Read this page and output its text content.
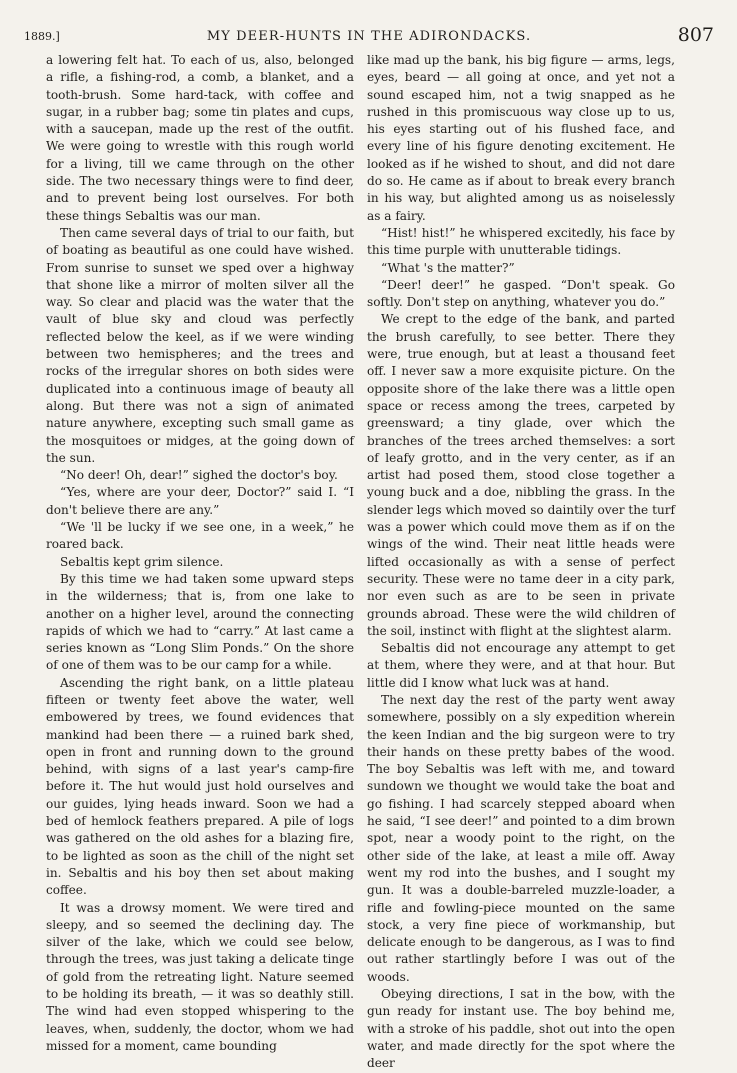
1889.]	MY DEER-HUNTS IN THE ADIRONDACKS.	807

a lowering felt hat. To each of us, also, belonged a rifle, a fishing-rod, a comb, a blanket, and a tooth-brush. Some hard-tack, with coffee and sugar, in a rubber bag; some tin plates and cups, with a saucepan, made up the rest of the outfit. We were going to wrestle with this rough world for a living, till we came through on the other side. The two necessary things were to find deer, and to prevent being lost ourselves. For both these things Sebaltis was our man.

Then came several days of trial to our faith, but of boating as beautiful as one could have wished. From sunrise to sunset we sped over a highway that shone like a mirror of molten silver all the way. So clear and placid was the water that the vault of blue sky and cloud was perfectly reflected below the keel, as if we were winding between two hemispheres; and the trees and rocks of the irregular shores on both sides were duplicated into a continuous image of beauty all along. But there was not a sign of animated nature anywhere, excepting such small game as the mosquitoes or midges, at the going down of the sun.

“No deer! Oh, dear!” sighed the doctor's boy.

“Yes, where are your deer, Doctor?” said I. “I don't believe there are any.”

“We 'll be lucky if we see one, in a week,” he roared back.

Sebaltis kept grim silence.

By this time we had taken some upward steps in the wilderness; that is, from one lake to another on a higher level, around the connecting rapids of which we had to “carry.” At last came a series known as “Long Slim Ponds.” On the shore of one of them was to be our camp for a while.

Ascending the right bank, on a little plateau fifteen or twenty feet above the water, well embowered by trees, we found evidences that mankind had been there — a ruined bark shed, open in front and running down to the ground behind, with signs of a last year's camp-fire before it. The hut would just hold ourselves and our guides, lying heads inward. Soon we had a bed of hemlock feathers prepared. A pile of logs was gathered on the old ashes for a blazing fire, to be lighted as soon as the chill of the night set in. Sebaltis and his boy then set about making coffee.

It was a drowsy moment. We were tired and sleepy, and so seemed the declining day. The silver of the lake, which we could see below, through the trees, was just taking a delicate tinge of gold from the retreating light. Nature seemed to be holding its breath, — it was so deathly still. The wind had even stopped whispering to the leaves, when, suddenly, the doctor, whom we had missed for a moment, came bounding

like mad up the bank, his big figure — arms, legs, eyes, beard — all going at once, and yet not a sound escaped him, not a twig snapped as he rushed in this promiscuous way close up to us, his eyes starting out of his flushed face, and every line of his figure denoting excitement. He looked as if he wished to shout, and did not dare do so. He came as if about to break every branch in his way, but alighted among us as noiselessly as a fairy.

“Hist! hist!” he whispered excitedly, his face by this time purple with unutterable tidings.

“What 's the matter?”

“Deer! deer!” he gasped. “Don't speak. Go softly. Don't step on anything, whatever you do.”

We crept to the edge of the bank, and parted the brush carefully, to see better. There they were, true enough, but at least a thousand feet off. I never saw a more exquisite picture. On the opposite shore of the lake there was a little open space or recess among the trees, carpeted by greensward; a tiny glade, over which the branches of the trees arched themselves: a sort of leafy grotto, and in the very center, as if an artist had posed them, stood close together a young buck and a doe, nibbling the grass. In the slender legs which moved so daintily over the turf was a power which could move them as if on the wings of the wind. Their neat little heads were lifted occasionally as with a sense of perfect security. These were no tame deer in a city park, nor even such as are to be seen in private grounds abroad. These were the wild children of the soil, instinct with flight at the slightest alarm.

Sebaltis did not encourage any attempt to get at them, where they were, and at that hour. But little did I know what luck was at hand.

The next day the rest of the party went away somewhere, possibly on a sly expedition wherein the keen Indian and the big surgeon were to try their hands on these pretty babes of the wood. The boy Sebaltis was left with me, and toward sundown we thought we would take the boat and go fishing. I had scarcely stepped aboard when he said, “I see deer!” and pointed to a dim brown spot, near a woody point to the right, on the other side of the lake, at least a mile off. Away went my rod into the bushes, and I sought my gun. It was a double-barreled muzzle-loader, a rifle and fowling-piece mounted on the same stock, a very fine piece of workmanship, but delicate enough to be dangerous, as I was to find out rather startlingly before I was out of the woods.

Obeying directions, I sat in the bow, with the gun ready for instant use. The boy behind me, with a stroke of his paddle, shot out into the open water, and made directly for the spot where the deer
